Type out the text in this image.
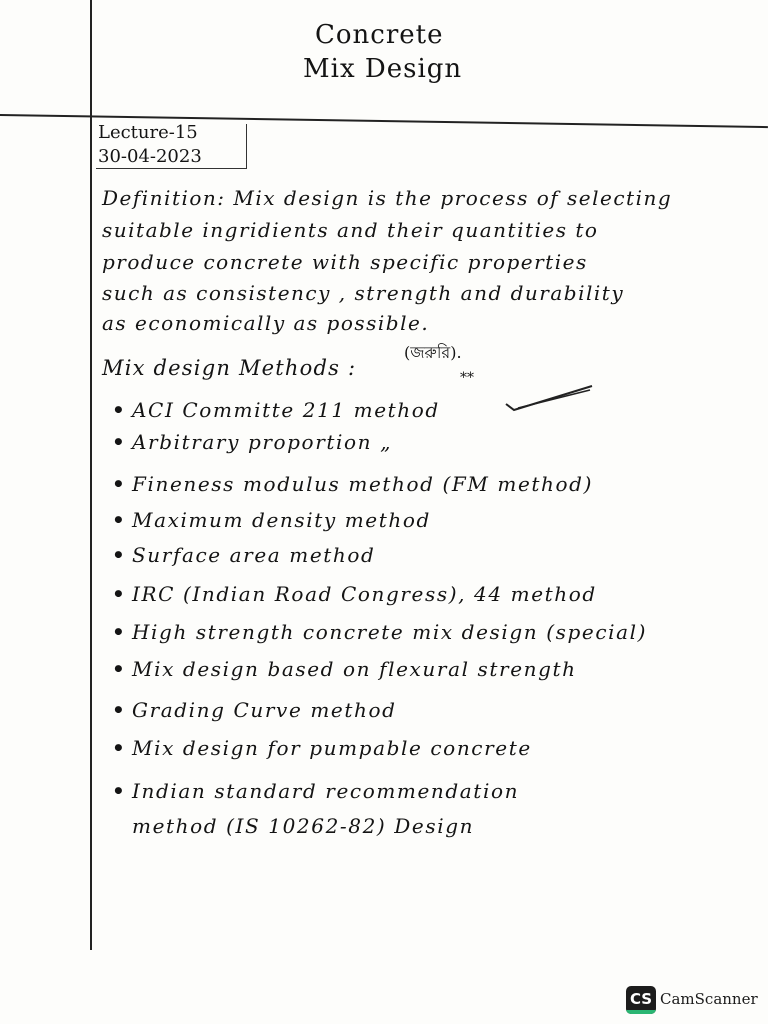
Concrete
Mix Design
Lecture-15
30-04-2023
Definition: Mix design is the process of selecting
suitable ingridients and their quantities to
produce concrete with specific properties
such as consistency , strength and durability
as economically as possible.
Mix design Methods :
(জরুরি).
**
• ACI Committe 211 method
• Arbitrary proportion „
• Fineness modulus method (FM method)
• Maximum density method
• Surface area method
• IRC (Indian Road Congress), 44 method
• High strength concrete mix design (special)
• Mix design based on flexural strength
• Grading Curve method
• Mix design for pumpable concrete
• Indian standard recommendation
method (IS 10262-82) Design
CS CamScanner
